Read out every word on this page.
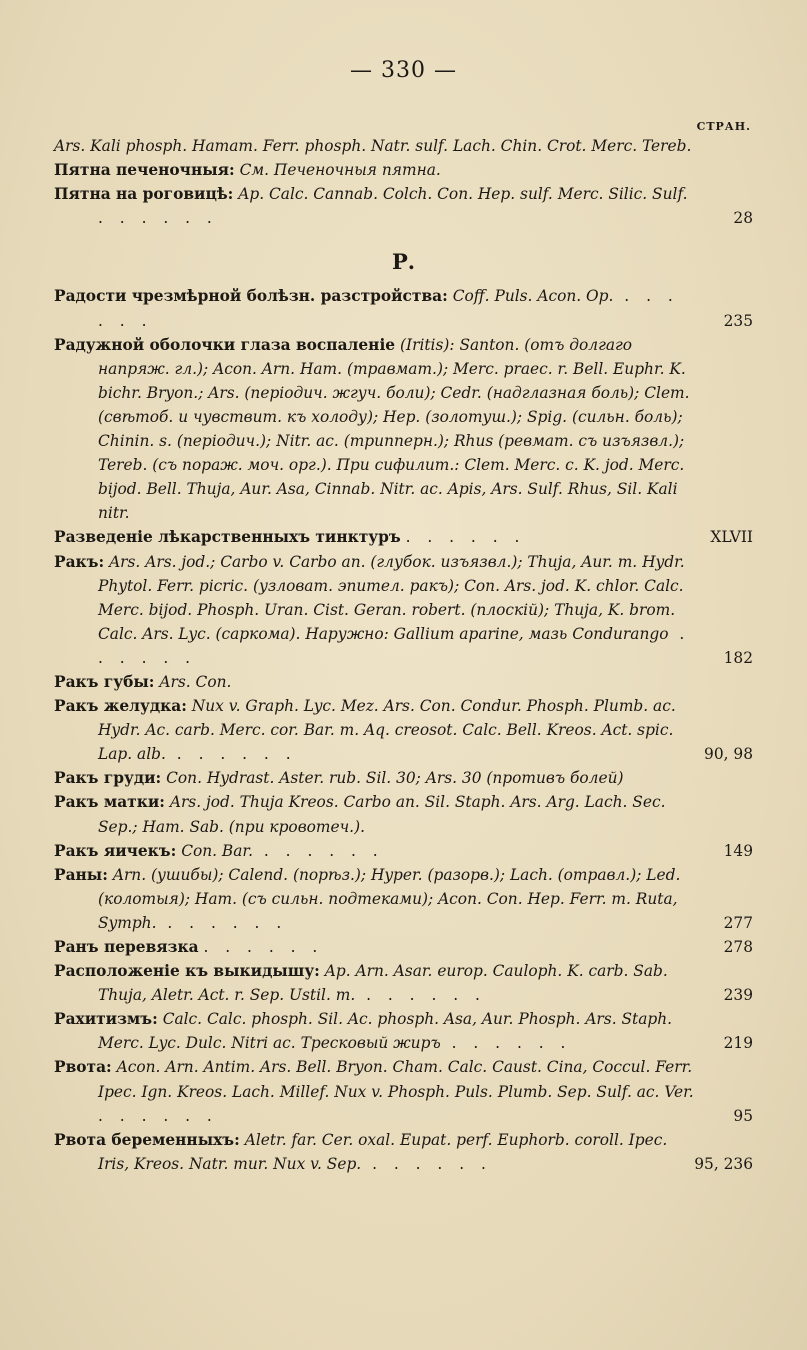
— 330 —
СТРАН.
Ars. Kali phosph. Hamam. Ferr. phosph. Natr. sulf. Lach. Chin. Crot. Merc. Tereb.
Пятна печеночныя: См. Печеночныя пятна.
Пятна на роговицѣ: Ap. Calc. Cannab. Colch. Con. Hep. sulf. Merc. Silic. Sulf. . . . . . .	28
Р.
Радости чрезмѣрной болѣзн. разстройства: Coff. Puls. Acon. Op. . . . . . .	235
Радужной оболочки глаза воспаленіе (Iritis): Santon. (отъ долгаго напряж. гл.); Acon. Arn. Ham. (травмат.); Merc. praec. r. Bell. Euphr. K. bichr. Bryon.; Ars. (періодич. жгуч. боли); Cedr. (надглазная боль); Clem. (свѣтоб. и чувствит. къ холоду); Hep. (золотуш.); Spig. (сильн. боль); Chinin. s. (періодич.); Nitr. ac. (трипперн.); Rhus (ревмат. съ изъязвл.); Tereb. (съ пораж. моч. орг.). При сифилит.: Clem. Merc. c. K. jod. Merc. bijod. Bell. Thuja, Aur. Asa, Cinnab. Nitr. ac. Apis, Ars. Sulf. Rhus, Sil. Kali nitr.
Разведеніе лѣкарственныхъ тинктуръ . . . . . .	XLVII
Ракъ: Ars. Ars. jod.; Carbo v. Carbo an. (глубок. изъязвл.); Thuja, Aur. m. Hydr. Phytol. Ferr. picric. (узловат. эпител. ракъ); Con. Ars. jod. K. chlor. Calc. Merc. bijod. Phosph. Uran. Cist. Geran. robert. (плоскій); Thuja, K. brom. Calc. Ars. Lyc. (саркома). Наружно: Gallium aparine, мазь Condurango . . . . . .	182
Ракъ губы: Ars. Con.
Ракъ желудка: Nux v. Graph. Lyc. Mez. Ars. Con. Condur. Phosph. Plumb. ac. Hydr. Ac. carb. Merc. cor. Bar. m. Aq. creosot. Calc. Bell. Kreos. Act. spic. Lap. alb. . . . . . .	90, 98
Ракъ груди: Con. Hydrast. Aster. rub. Sil. 30; Ars. 30 (противъ болей)
Ракъ матки: Ars. jod. Thuja Kreos. Carbo an. Sil. Staph. Ars. Arg. Lach. Sec. Sep.; Ham. Sab. (при кровотеч.).
Ракъ яичекъ: Con. Bar. . . . . . .	149
Раны: Arn. (ушибы); Calend. (порѣз.); Hyper. (разорв.); Lach. (отравл.); Led. (колотыя); Ham. (съ сильн. подтеками); Acon. Con. Hep. Ferr. m. Ruta, Symph. . . . . . .	277
Ранъ перевязка . . . . . .	278
Расположеніе къ выкидышу: Ap. Arn. Asar. europ. Cauloph. K. carb. Sab. Thuja, Aletr. Act. r. Sep. Ustil. m. . . . . . .	239
Рахитизмъ: Calc. Calc. phosph. Sil. Ac. phosph. Asa, Aur. Phosph. Ars. Staph. Merc. Lyc. Dulc. Nitri ac. Тресковый жиръ . . . . . .	219
Рвота: Acon. Arn. Antim. Ars. Bell. Bryon. Cham. Calc. Caust. Cina, Coccul. Ferr. Ipec. Ign. Kreos. Lach. Millef. Nux v. Phosph. Puls. Plumb. Sep. Sulf. ac. Ver. . . . . . .	95
Рвота беременныхъ: Aletr. far. Cer. oxal. Eupat. perf. Euphorb. coroll. Ipec. Iris, Kreos. Natr. mur. Nux v. Sep. . . . . . .	95, 236
